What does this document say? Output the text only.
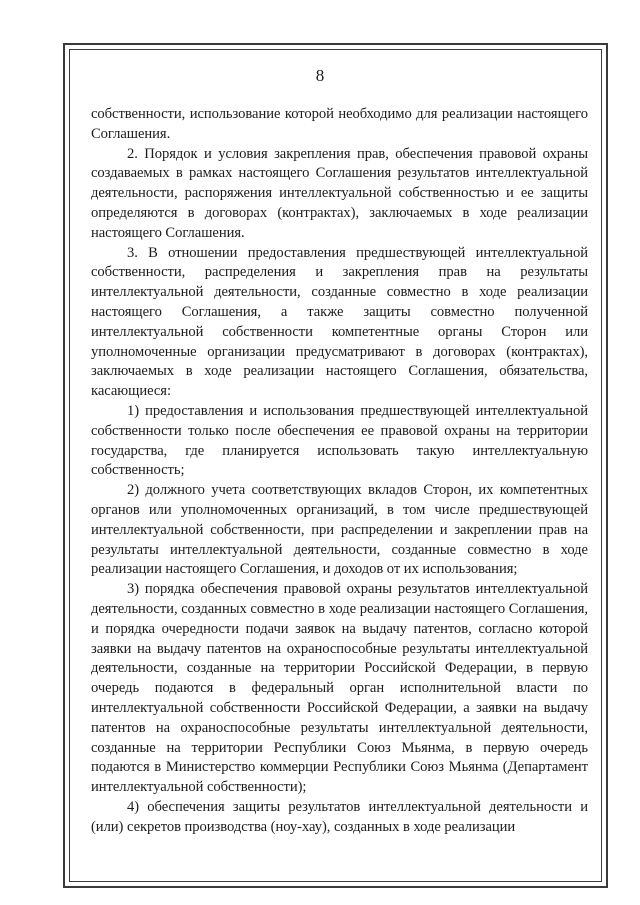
8

собственности, использование которой необходимо для реализации настоящего Соглашения.

2. Порядок и условия закрепления прав, обеспечения правовой охраны создаваемых в рамках настоящего Соглашения результатов интеллектуальной деятельности, распоряжения интеллектуальной собственностью и ее защиты определяются в договорах (контрактах), заключаемых в ходе реализации настоящего Соглашения.

3. В отношении предоставления предшествующей интеллектуальной собственности, распределения и закрепления прав на результаты интеллектуальной деятельности, созданные совместно в ходе реализации настоящего Соглашения, а также защиты совместно полученной интеллектуальной собственности компетентные органы Сторон или уполномоченные организации предусматривают в договорах (контрактах), заключаемых в ходе реализации настоящего Соглашения, обязательства, касающиеся:

1) предоставления и использования предшествующей интеллектуальной собственности только после обеспечения ее правовой охраны на территории государства, где планируется использовать такую интеллектуальную собственность;

2) должного учета соответствующих вкладов Сторон, их компетентных органов или уполномоченных организаций, в том числе предшествующей интеллектуальной собственности, при распределении и закреплении прав на результаты интеллектуальной деятельности, созданные совместно в ходе реализации настоящего Соглашения, и доходов от их использования;

3) порядка обеспечения правовой охраны результатов интеллектуальной деятельности, созданных совместно в ходе реализации настоящего Соглашения, и порядка очередности подачи заявок на выдачу патентов, согласно которой заявки на выдачу патентов на охраноспособные результаты интеллектуальной деятельности, созданные на территории Российской Федерации, в первую очередь подаются в федеральный орган исполнительной власти по интеллектуальной собственности Российской Федерации, а заявки на выдачу патентов на охраноспособные результаты интеллектуальной деятельности, созданные на территории Республики Союз Мьянма, в первую очередь подаются в Министерство коммерции Республики Союз Мьянма (Департамент интеллектуальной собственности);

4) обеспечения защиты результатов интеллектуальной деятельности и (или) секретов производства (ноу-хау), созданных в ходе реализации
